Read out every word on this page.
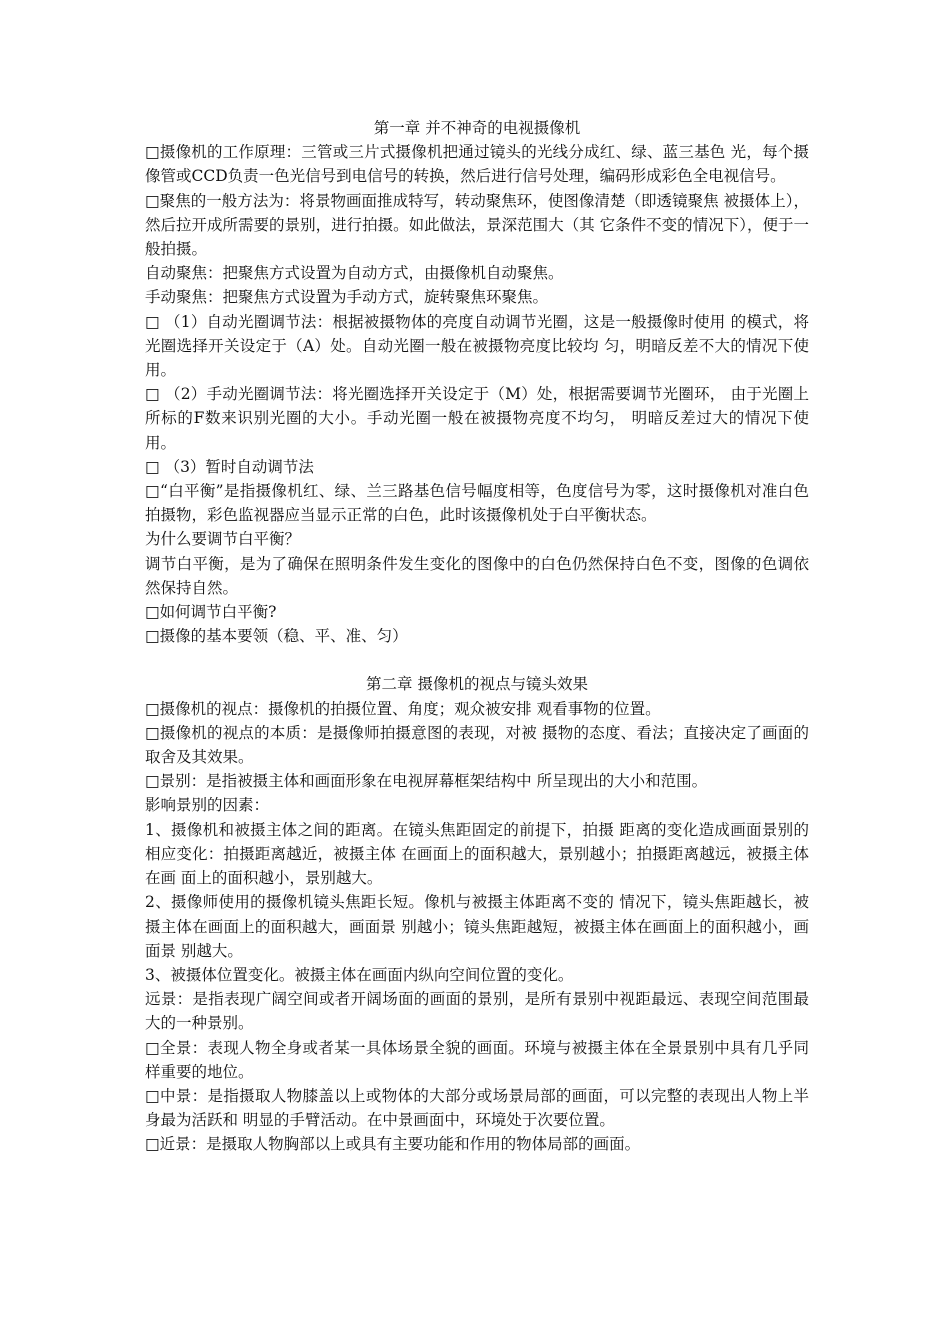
第一章 并不神奇的电视摄像机

□摄像机的工作原理：三管或三片式摄像机把通过镜头的光线分成红、绿、蓝三基色 光，每个摄像管或CCD负责一色光信号到电信号的转换，然后进行信号处理，编码形成彩色全电视信号。

□聚焦的一般方法为：将景物画面推成特写，转动聚焦环，使图像清楚（即透镜聚焦 被摄体上），然后拉开成所需要的景别，进行拍摄。如此做法，景深范围大（其 它条件不变的情况下），便于一般拍摄。

自动聚焦：把聚焦方式设置为自动方式，由摄像机自动聚焦。

手动聚焦：把聚焦方式设置为手动方式，旋转聚焦环聚焦。

□ （1）自动光圈调节法：根据被摄物体的亮度自动调节光圈，这是一般摄像时使用 的模式，将光圈选择开关设定于（A）处。自动光圈一般在被摄物亮度比较均 匀，明暗反差不大的情况下使用。

□ （2）手动光圈调节法：将光圈选择开关设定于（M）处，根据需要调节光圈环， 由于光圈上所标的F数来识别光圈的大小。手动光圈一般在被摄物亮度不均匀， 明暗反差过大的情况下使用。

□ （3）暂时自动调节法

□“白平衡”是指摄像机红、绿、兰三路基色信号幅度相等，色度信号为零，这时摄像机对准白色拍摄物，彩色监视器应当显示正常的白色，此时该摄像机处于白平衡状态。

为什么要调节白平衡？

调节白平衡，是为了确保在照明条件发生变化的图像中的白色仍然保持白色不变，图像的色调依然保持自然。

□如何调节白平衡?

□摄像的基本要领（稳、平、准、匀）

第二章 摄像机的视点与镜头效果

□摄像机的视点：摄像机的拍摄位置、角度；观众被安排 观看事物的位置。

□摄像机的视点的本质：是摄像师拍摄意图的表现，对被 摄物的态度、看法；直接决定了画面的取舍及其效果。

□景别：是指被摄主体和画面形象在电视屏幕框架结构中 所呈现出的大小和范围。

影响景别的因素：

1、摄像机和被摄主体之间的距离。在镜头焦距固定的前提下，拍摄 距离的变化造成画面景别的相应变化：拍摄距离越近，被摄主体 在画面上的面积越大，景别越小；拍摄距离越远，被摄主体在画 面上的面积越小，景别越大。

2、摄像师使用的摄像机镜头焦距长短。像机与被摄主体距离不变的 情况下，镜头焦距越长，被摄主体在画面上的面积越大，画面景 别越小；镜头焦距越短，被摄主体在画面上的面积越小，画面景 别越大。

3、被摄体位置变化。被摄主体在画面内纵向空间位置的变化。

远景：是指表现广阔空间或者开阔场面的画面的景别，是所有景别中视距最远、表现空间范围最大的一种景别。

□全景：表现人物全身或者某一具体场景全貌的画面。环境与被摄主体在全景景别中具有几乎同样重要的地位。

□中景：是指摄取人物膝盖以上或物体的大部分或场景局部的画面，可以完整的表现出人物上半身最为活跃和 明显的手臂活动。在中景画面中，环境处于次要位置。

□近景：是摄取人物胸部以上或具有主要功能和作用的物体局部的画面。
